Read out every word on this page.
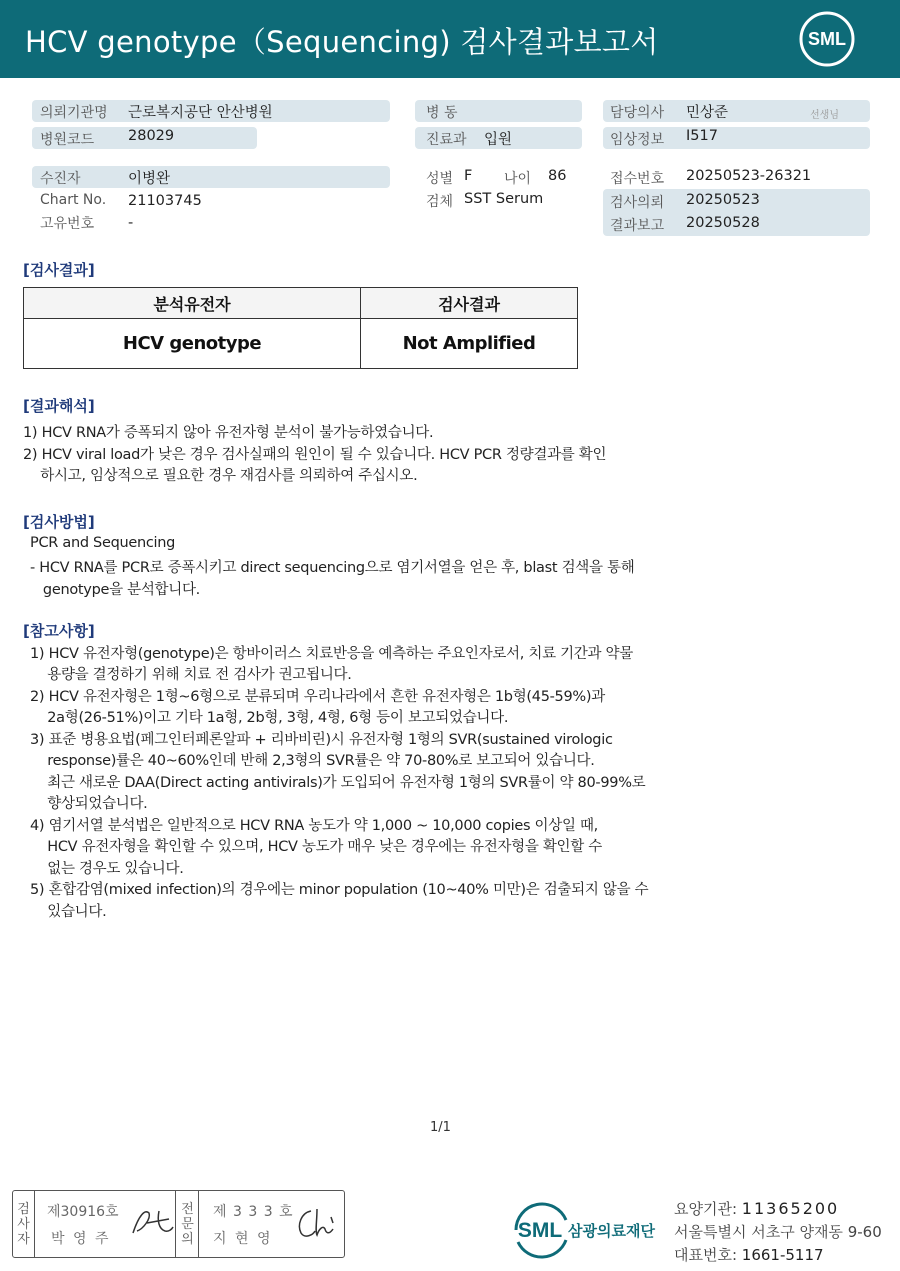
HCV genotype（Sequencing) 검사결과보고서	SML
의뢰기관명 근로복지공단 안산병원
병원코드 28029
병 동
진료과 입원
담당의사 민상준	선생님
임상정보 I517
수진자	이병완
Chart No. 21103745
고유번호 -
성별 F 나이 86
검체 SST Serum
접수번호 20250523-26321
검사의뢰 20250523
결과보고 20250528
[검사결과]
분석유전자	검사결과
HCV genotype	Not Amplified
[결과해석]
1) HCV RNA가 증폭되지 않아 유전자형 분석이 불가능하였습니다.
2) HCV viral load가 낮은 경우 검사실패의 원인이 될 수 있습니다. HCV PCR 정량결과를 확인
하시고, 임상적으로 필요한 경우 재검사를 의뢰하여 주십시오.
[검사방법]
PCR and Sequencing
- HCV RNA를 PCR로 증폭시키고 direct sequencing으로 염기서열을 얻은 후, blast 검색을 통해
genotype을 분석합니다.
[참고사항]
1) HCV 유전자형(genotype)은 항바이러스 치료반응을 예측하는 주요인자로서, 치료 기간과 약물
용량을 결정하기 위해 치료 전 검사가 권고됩니다.
2) HCV 유전자형은 1형~6형으로 분류되며 우리나라에서 흔한 유전자형은 1b형(45-59%)과
2a형(26-51%)이고 기타 1a형, 2b형, 3형, 4형, 6형 등이 보고되었습니다.
3) 표준 병용요법(페그인터페론알파 + 리바비린)시 유전자형 1형의 SVR(sustained virologic
response)률은 40~60%인데 반해 2,3형의 SVR률은 약 70-80%로 보고되어 있습니다.
최근 새로운 DAA(Direct acting antivirals)가 도입되어 유전자형 1형의 SVR률이 약 80-99%로
향상되었습니다.
4) 염기서열 분석법은 일반적으로 HCV RNA 농도가 약 1,000 ~ 10,000 copies 이상일 때,
HCV 유전자형을 확인할 수 있으며, HCV 농도가 매우 낮은 경우에는 유전자형을 확인할 수
없는 경우도 있습니다.
5) 혼합감염(mixed infection)의 경우에는 minor population (10~40% 미만)은 검출되지 않을 수
있습니다.
1/1
검
사
자
제30916호
박 영 주
전
문
의
제 3 3 3 호
지 현 영	SML 삼광의료재단
요양기관: 11365200
서울특별시 서초구 양재동 9-60
대표번호: 1661-5117
